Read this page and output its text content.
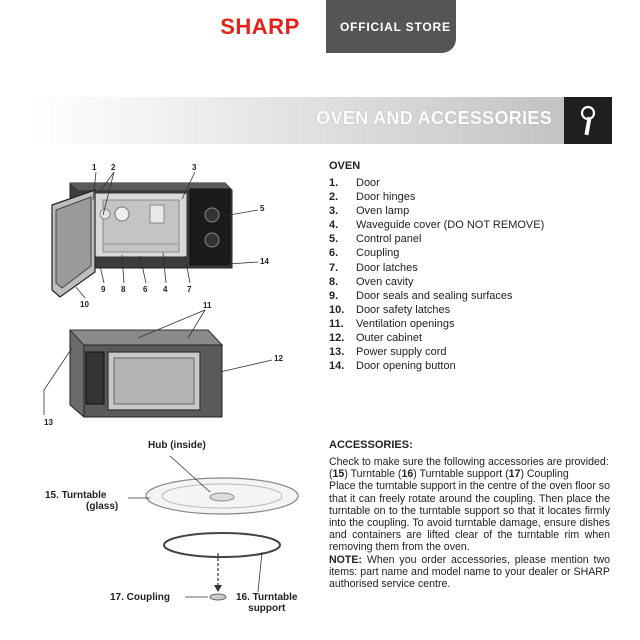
SHARP	OFFICIAL STORE
OVEN AND ACCESSORIES
OVEN
1.	Door
2.	Door hinges
3.	Oven lamp
4.	Waveguide cover (DO NOT REMOVE)
5.	Control panel
6.	Coupling
7.	Door latches
8.	Oven cavity
9.	Door seals and sealing surfaces
10.	Door safety latches
11.	Ventilation openings
12.	Outer cabinet
13.	Power supply cord
14.	Door opening button
ACCESSORIES:

Check to make sure the following accessories are provided:

(15) Turntable (16) Turntable support (17) Coupling

Place the turntable support in the centre of the oven floor so that it can freely rotate around the coupling. Then place the turntable on to the turntable support so that it locates firmly into the coupling. To avoid turntable damage, ensure dishes and containers are lifted clear of the turntable rim when removing them from the oven.

NOTE: When you order accessories, please mention two items: part name and model name to your dealer or SHARP authorised service centre.

1 2	3
5
14
9 8 6 4 7
10	11
12
13
Hub (inside)
15. Turntable
(glass)
17. Coupling	16. Turntable
support
